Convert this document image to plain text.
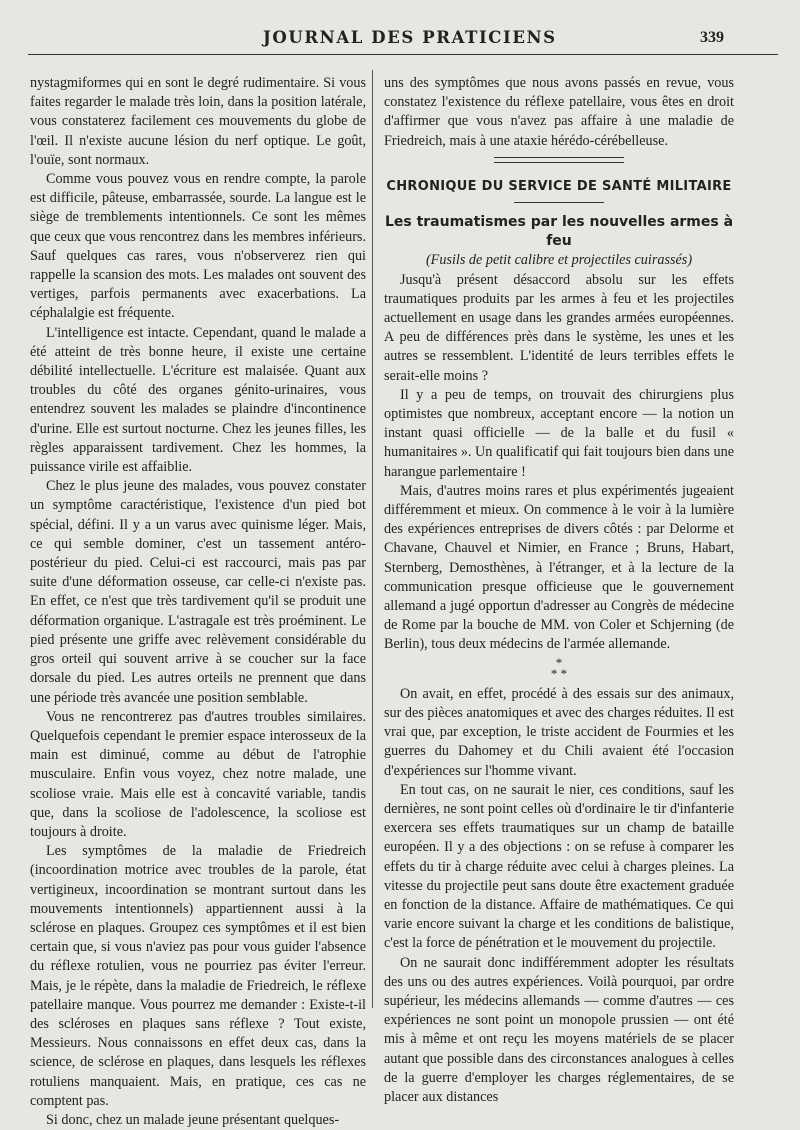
JOURNAL DES PRATICIENS	339

nystagmiformes qui en sont le degré rudimentaire. Si vous faites regarder le malade très loin, dans la position latérale, vous constaterez facilement ces mouvements du globe de l'œil. Il n'existe aucune lésion du nerf optique. Le goût, l'ouïe, sont normaux.

Comme vous pouvez vous en rendre compte, la parole est difficile, pâteuse, embarrassée, sourde. La langue est le siège de tremblements intentionnels. Ce sont les mêmes que ceux que vous rencontrez dans les membres inférieurs. Sauf quelques cas rares, vous n'observerez rien qui rappelle la scansion des mots. Les malades ont souvent des vertiges, parfois permanents avec exacerbations. La céphalalgie est fréquente.

L'intelligence est intacte. Cependant, quand le malade a été atteint de très bonne heure, il existe une certaine débilité intellectuelle. L'écriture est malaisée. Quant aux troubles du côté des organes génito-urinaires, vous entendrez souvent les malades se plaindre d'incontinence d'urine. Elle est surtout nocturne. Chez les jeunes filles, les règles apparaissent tardivement. Chez les hommes, la puissance virile est affaiblie.

Chez le plus jeune des malades, vous pouvez constater un symptôme caractéristique, l'existence d'un pied bot spécial, défini. Il y a un varus avec quinisme léger. Mais, ce qui semble dominer, c'est un tassement antéro-postérieur du pied. Celui-ci est raccourci, mais pas par suite d'une déformation osseuse, car celle-ci n'existe pas. En effet, ce n'est que très tardivement qu'il se produit une déformation organique. L'astragale est très proéminent. Le pied présente une griffe avec relèvement considérable du gros orteil qui souvent arrive à se coucher sur la face dorsale du pied. Les autres orteils ne prennent que dans une période très avancée une position semblable.

Vous ne rencontrerez pas d'autres troubles similaires. Quelquefois cependant le premier espace interosseux de la main est diminué, comme au début de l'atrophie musculaire. Enfin vous voyez, chez notre malade, une scoliose vraie. Mais elle est à concavité variable, tandis que, dans la scoliose de l'adolescence, la scoliose est toujours à droite.

Les symptômes de la maladie de Friedreich (incoordination motrice avec troubles de la parole, état vertigineux, incoordination se montrant surtout dans les mouvements intentionnels) appartiennent aussi à la sclérose en plaques. Groupez ces symptômes et il est bien certain que, si vous n'aviez pas pour vous guider l'absence du réflexe rotulien, vous ne pourriez pas éviter l'erreur. Mais, je le répète, dans la maladie de Friedreich, le réflexe patellaire manque. Vous pourrez me demander : Existe-t-il des scléroses en plaques sans réflexe ? Tout existe, Messieurs. Nous connaissons en effet deux cas, dans la science, de sclérose en plaques, dans lesquels les réflexes rotuliens manquaient. Mais, en pratique, ces cas ne comptent pas.

Si donc, chez un malade jeune présentant quelques-

uns des symptômes que nous avons passés en revue, vous constatez l'existence du réflexe patellaire, vous êtes en droit d'affirmer que vous n'avez pas affaire à une maladie de Friedreich, mais à une ataxie hérédo-cérébelleuse.

CHRONIQUE DU SERVICE DE SANTÉ MILITAIRE

Les traumatismes par les nouvelles armes à feu

(Fusils de petit calibre et projectiles cuirassés)

Jusqu'à présent désaccord absolu sur les effets traumatiques produits par les armes à feu et les projectiles actuellement en usage dans les grandes armées européennes. A peu de différences près dans le système, les unes et les autres se ressemblent. L'identité de leurs terribles effets le serait-elle moins ?

Il y a peu de temps, on trouvait des chirurgiens plus optimistes que nombreux, acceptant encore — la notion un instant quasi officielle — de la balle et du fusil « humanitaires ». Un qualificatif qui fait toujours bien dans une harangue parlementaire !

Mais, d'autres moins rares et plus expérimentés jugeaient différemment et mieux. On commence à le voir à la lumière des expériences entreprises de divers côtés : par Delorme et Chavane, Chauvel et Nimier, en France ; Bruns, Habart, Sternberg, Demosthènes, à l'étranger, et à la lecture de la communication presque officieuse que le gouvernement allemand a jugé opportun d'adresser au Congrès de médecine de Rome par la bouche de MM. von Coler et Schjerning (de Berlin), tous deux médecins de l'armée allemande.

*
* *

On avait, en effet, procédé à des essais sur des animaux, sur des pièces anatomiques et avec des charges réduites. Il est vrai que, par exception, le triste accident de Fourmies et les guerres du Dahomey et du Chili avaient été l'occasion d'expériences sur l'homme vivant.

En tout cas, on ne saurait le nier, ces conditions, sauf les dernières, ne sont point celles où d'ordinaire le tir d'infanterie exercera ses effets traumatiques sur un champ de bataille européen. Il y a des objections : on se refuse à comparer les effets du tir à charge réduite avec celui à charges pleines. La vitesse du projectile peut sans doute être exactement graduée en fonction de la distance. Affaire de mathématiques. Ce qui varie encore suivant la charge et les conditions de balistique, c'est la force de pénétration et le mouvement du projectile.

On ne saurait donc indifféremment adopter les résultats des uns ou des autres expériences. Voilà pourquoi, par ordre supérieur, les médecins allemands — comme d'autres — ces expériences ne sont point un monopole prussien — ont été mis à même et ont reçu les moyens matériels de se placer autant que possible dans des circonstances analogues à celles de la guerre d'employer les charges réglementaires, de se placer aux distances
